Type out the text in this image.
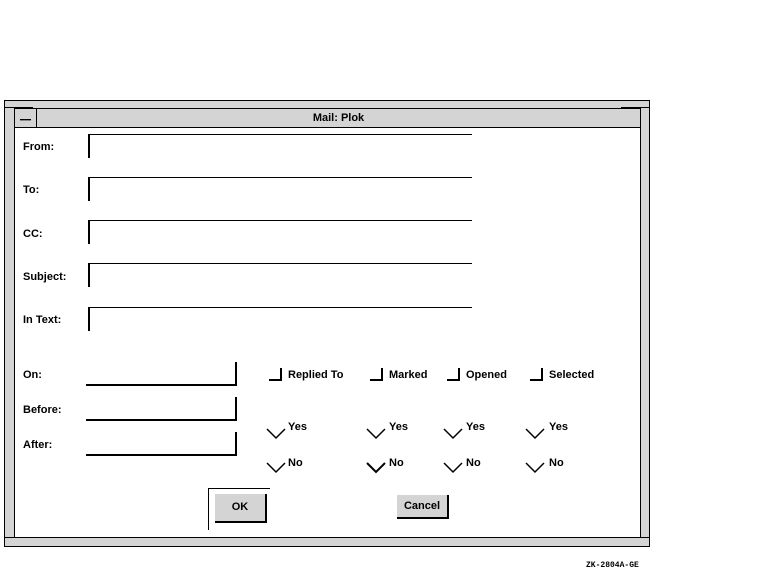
Mail: Plok
From:
To:
CC:
Subject:
In Text:
On:
Before:
After:
Replied To	Marked	Opened	Selected
Yes	Yes	Yes	Yes
No	No	No	No
OK	Cancel
ZK-2804A-GE
